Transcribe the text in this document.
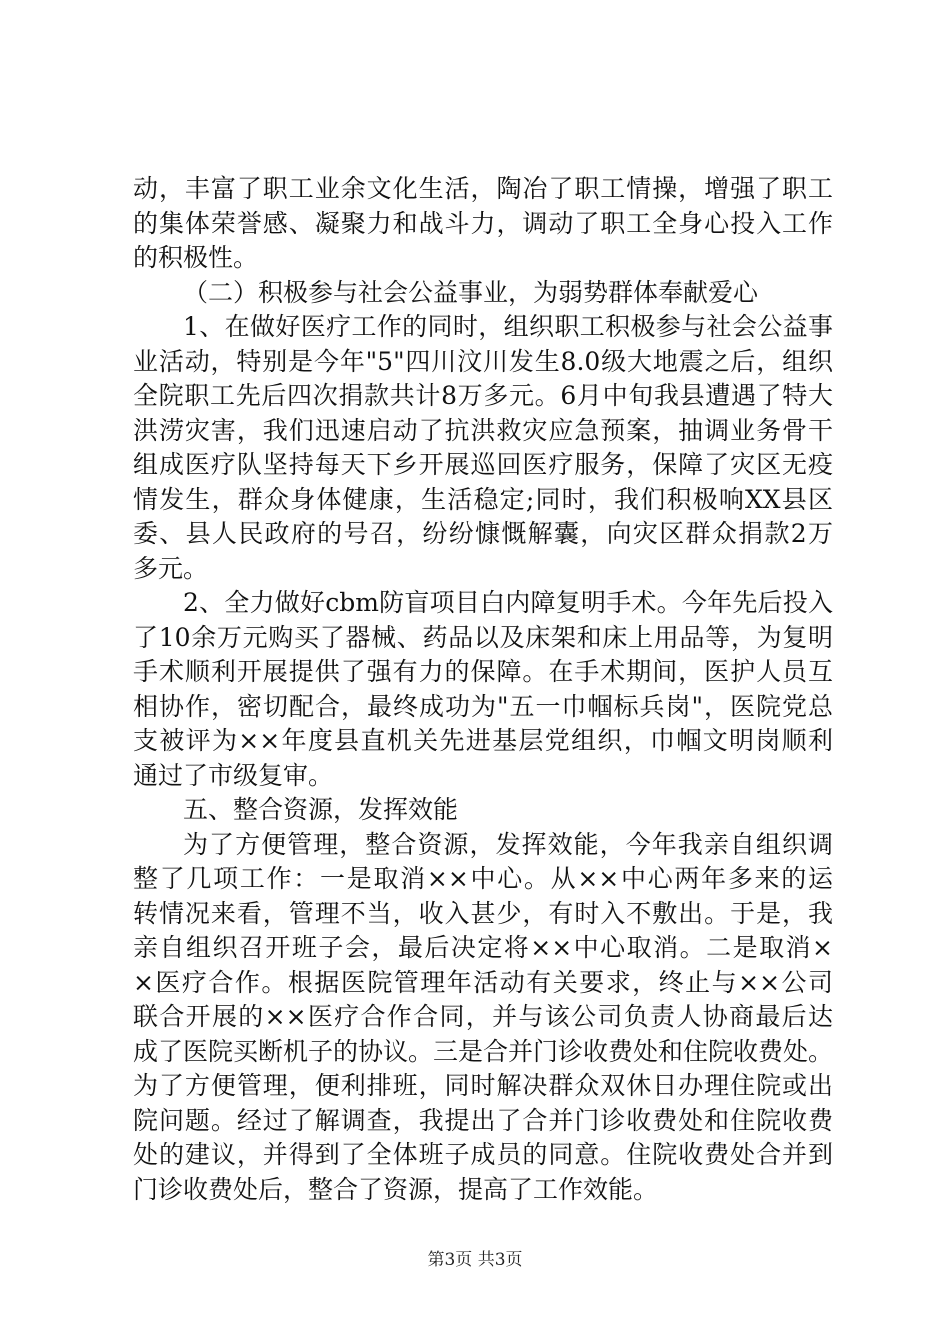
动，丰富了职工业余文化生活，陶冶了职工情操，增强了职工
的集体荣誉感、凝聚力和战斗力，调动了职工全身心投入工作
的积极性。
（二）积极参与社会公益事业，为弱势群体奉献爱心
1、在做好医疗工作的同时，组织职工积极参与社会公益事
业活动，特别是今年"5"四川汶川发生8.0级大地震之后，组织
全院职工先后四次捐款共计8万多元。6月中旬我县遭遇了特大
洪涝灾害，我们迅速启动了抗洪救灾应急预案，抽调业务骨干
组成医疗队坚持每天下乡开展巡回医疗服务，保障了灾区无疫
情发生，群众身体健康，生活稳定;同时，我们积极响XX县区
委、县人民政府的号召，纷纷慷慨解囊，向灾区群众捐款2万
多元。
2、全力做好cbm防盲项目白内障复明手术。今年先后投入
了10余万元购买了器械、药品以及床架和床上用品等，为复明
手术顺利开展提供了强有力的保障。在手术期间，医护人员互
相协作，密切配合，最终成功为"五一巾帼标兵岗"，医院党总
支被评为××年度县直机关先进基层党组织，巾帼文明岗顺利
通过了市级复审。
五、整合资源，发挥效能
为了方便管理，整合资源，发挥效能，今年我亲自组织调
整了几项工作：一是取消××中心。从××中心两年多来的运
转情况来看，管理不当，收入甚少，有时入不敷出。于是，我
亲自组织召开班子会，最后决定将××中心取消。二是取消×
×医疗合作。根据医院管理年活动有关要求，终止与××公司
联合开展的××医疗合作合同，并与该公司负责人协商最后达
成了医院买断机子的协议。三是合并门诊收费处和住院收费处。
为了方便管理，便利排班，同时解决群众双休日办理住院或出
院问题。经过了解调查，我提出了合并门诊收费处和住院收费
处的建议，并得到了全体班子成员的同意。住院收费处合并到
门诊收费处后，整合了资源，提高了工作效能。
第3页 共3页
